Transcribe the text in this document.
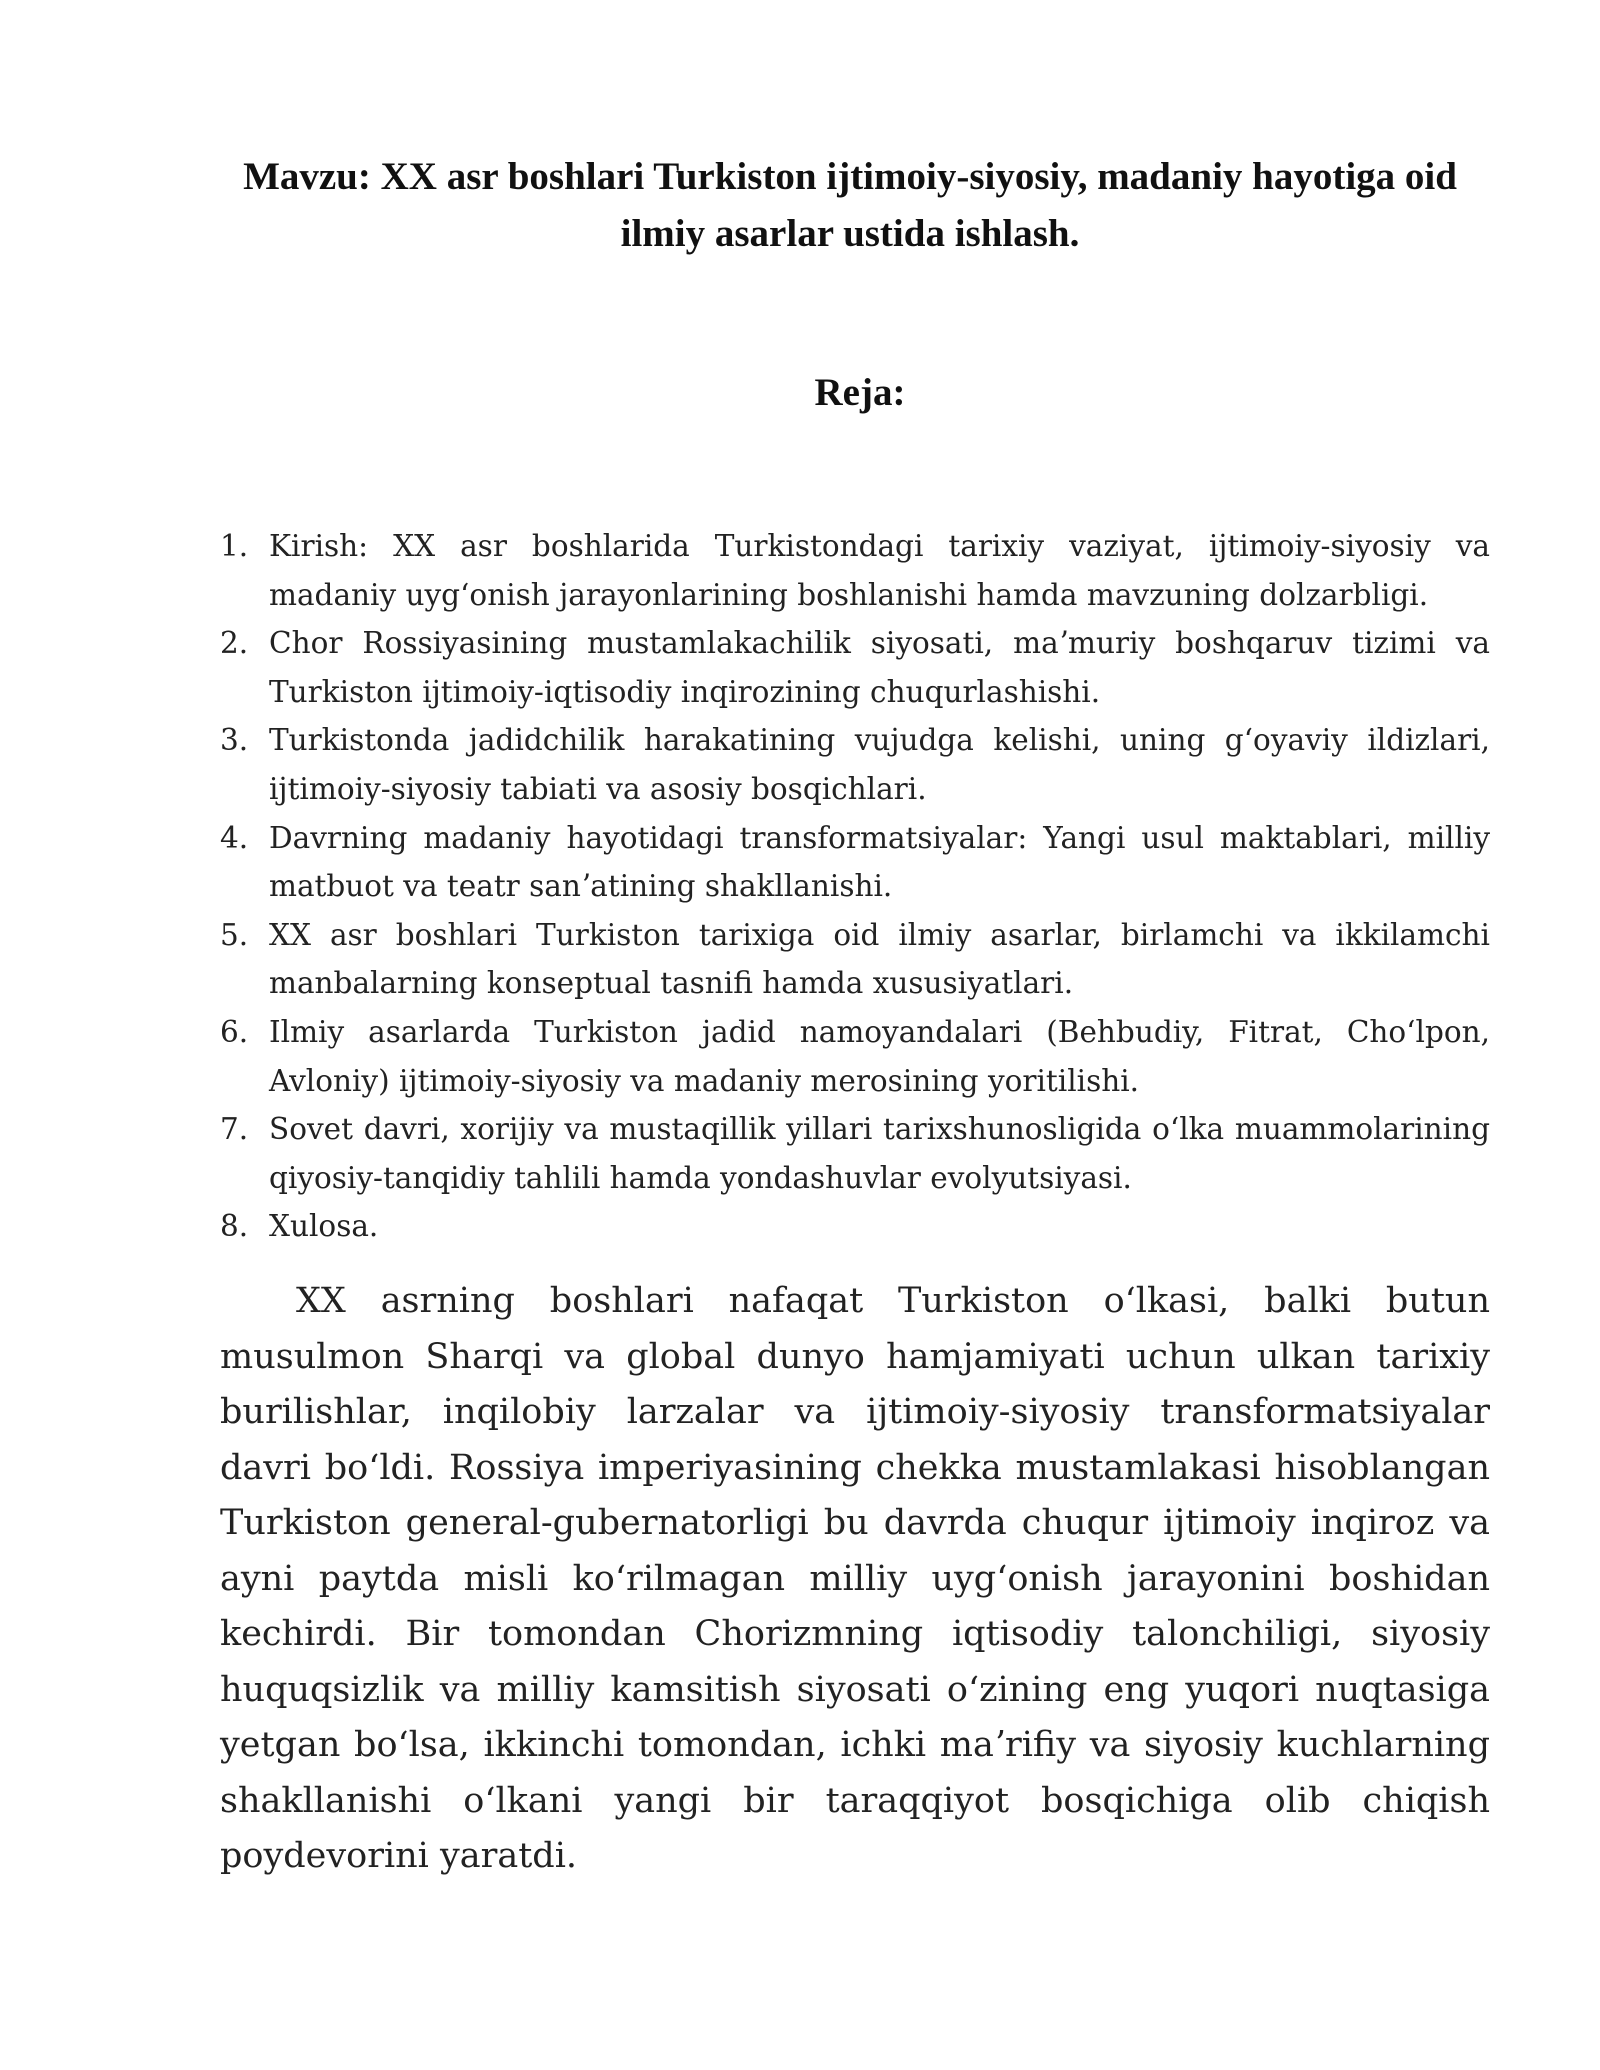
Mavzu: XX asr boshlari Turkiston ijtimoiy-siyosiy, madaniy hayotiga oid ilmiy asarlar ustida ishlash.
Reja:
1. Kirish: XX asr boshlarida Turkistondagi tarixiy vaziyat, ijtimoiy-siyosiy va madaniy uygʻonish jarayonlarining boshlanishi hamda mavzuning dolzarbligi.
2. Chor Rossiyasining mustamlakachilik siyosati, maʼmuriy boshqaruv tizimi va Turkiston ijtimoiy-iqtisodiy inqirozining chuqurlashishi.
3. Turkistonda jadidchilik harakatining vujudga kelishi, uning gʻoyaviy ildizlari, ijtimoiy-siyosiy tabiati va asosiy bosqichlari.
4. Davrning madaniy hayotidagi transformatsiyalar: Yangi usul maktablari, milliy matbuot va teatr sanʼatining shakllanishi.
5. XX asr boshlari Turkiston tarixiga oid ilmiy asarlar, birlamchi va ikkilamchi manbalarning konseptual tasnifi hamda xususiyatlari.
6. Ilmiy asarlarda Turkiston jadid namoyandalari (Behbudiy, Fitrat, Choʻlpon, Avloniy) ijtimoiy-siyosiy va madaniy merosining yoritilishi.
7. Sovet davri, xorijiy va mustaqillik yillari tarixshunosligida oʻlka muammolarining qiyosiy-tanqidiy tahlili hamda yondashuvlar evolyutsiyasi.
8. Xulosa.

XX asrning boshlari nafaqat Turkiston oʻlkasi, balki butun musulmon Sharqi va global dunyo hamjamiyati uchun ulkan tarixiy burilishlar, inqilobiy larzalar va ijtimoiy-siyosiy transformatsiyalar davri boʻldi. Rossiya imperiyasining chekka mustamlakasi hisoblangan Turkiston general-gubernatorligi bu davrda chuqur ijtimoiy inqiroz va ayni paytda misli koʻrilmagan milliy uygʻonish jarayonini boshidan kechirdi. Bir tomondan Chorizmning iqtisodiy talonchiligi, siyosiy huquqsizlik va milliy kamsitish siyosati oʻzining eng yuqori nuqtasiga yetgan boʻlsa, ikkinchi tomondan, ichki maʼrifiy va siyosiy kuchlarning shakllanishi oʻlkani yangi bir taraqqiyot bosqichiga olib chiqish poydevorini yaratdi.
